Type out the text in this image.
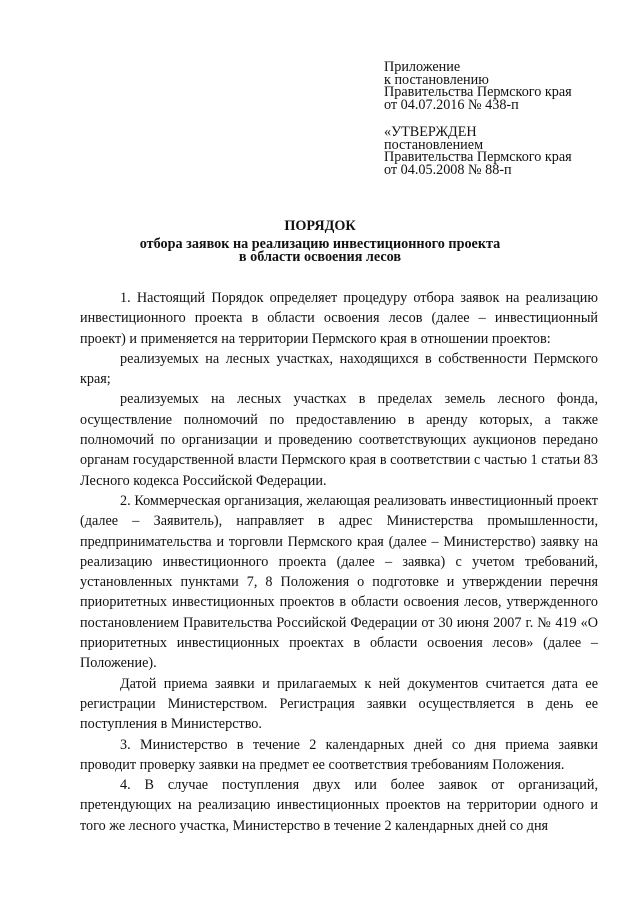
Приложение
к постановлению
Правительства Пермского края
от 04.07.2016 № 438-п
«УТВЕРЖДЕН
постановлением
Правительства Пермского края
от 04.05.2008 № 88-п
ПОРЯДОК
отбора заявок на реализацию инвестиционного проекта
в области освоения лесов

1. Настоящий Порядок определяет процедуру отбора заявок на реализацию инвестиционного проекта в области освоения лесов (далее – инвестиционный проект) и применяется на территории Пермского края в отношении проектов:

реализуемых на лесных участках, находящихся в собственности Пермского края;

реализуемых на лесных участках в пределах земель лесного фонда, осуществление полномочий по предоставлению в аренду которых, а также полномочий по организации и проведению соответствующих аукционов передано органам государственной власти Пермского края в соответствии с частью 1 статьи 83 Лесного кодекса Российской Федерации.

2. Коммерческая организация, желающая реализовать инвестиционный проект (далее – Заявитель), направляет в адрес Министерства промышленности, предпринимательства и торговли Пермского края (далее – Министерство) заявку на реализацию инвестиционного проекта (далее – заявка) с учетом требований, установленных пунктами 7, 8 Положения о подготовке и утверждении перечня приоритетных инвестиционных проектов в области освоения лесов, утвержденного постановлением Правительства Российской Федерации от 30 июня 2007 г. № 419 «О приоритетных инвестиционных проектах в области освоения лесов» (далее – Положение).

Датой приема заявки и прилагаемых к ней документов считается дата ее регистрации Министерством. Регистрация заявки осуществляется в день ее поступления в Министерство.

3. Министерство в течение 2 календарных дней со дня приема заявки проводит проверку заявки на предмет ее соответствия требованиям Положения.

4. В случае поступления двух или более заявок от организаций, претендующих на реализацию инвестиционных проектов на территории одного и того же лесного участка, Министерство в течение 2 календарных дней со дня
